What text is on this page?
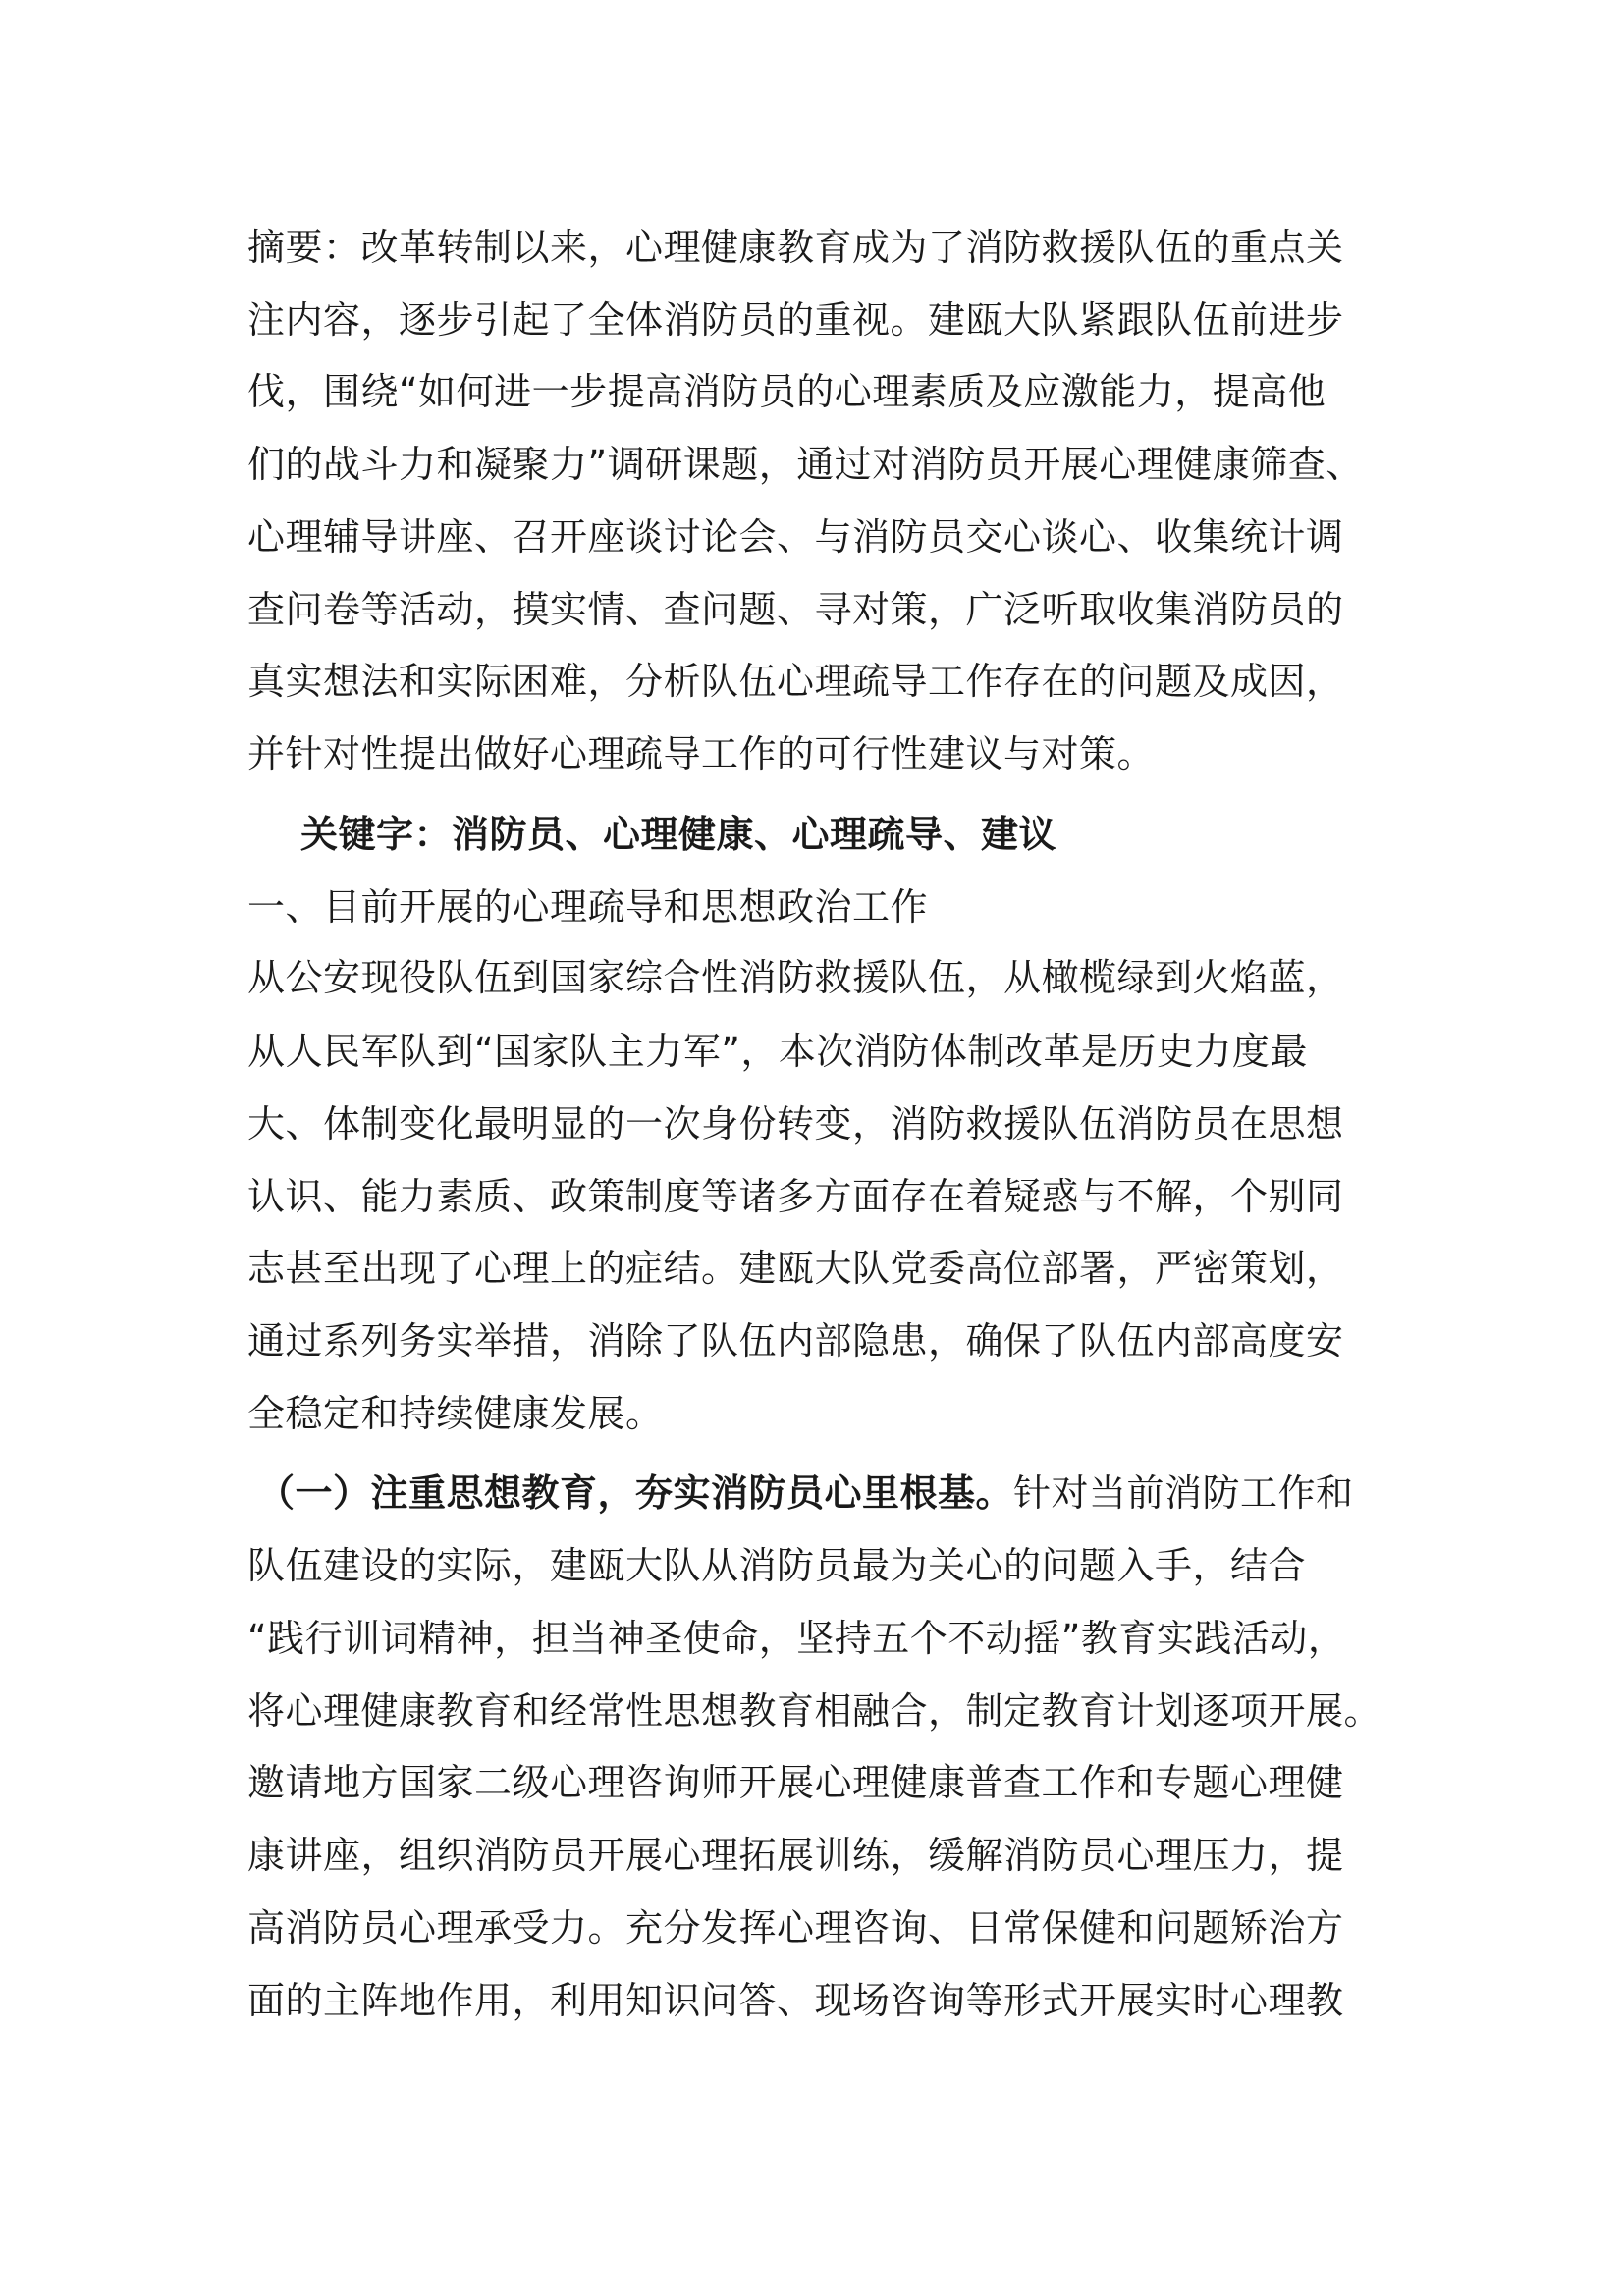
摘要：改革转制以来，心理健康教育成为了消防救援队伍的重点关
注内容，逐步引起了全体消防员的重视。建瓯大队紧跟队伍前进步
伐，围绕“如何进一步提高消防员的心理素质及应激能力，提高他
们的战斗力和凝聚力”调研课题，通过对消防员开展心理健康筛查、
心理辅导讲座、召开座谈讨论会、与消防员交心谈心、收集统计调
查问卷等活动，摸实情、查问题、寻对策，广泛听取收集消防员的
真实想法和实际困难，分析队伍心理疏导工作存在的问题及成因，
并针对性提出做好心理疏导工作的可行性建议与对策。
关键字：消防员、心理健康、心理疏导、建议
一、目前开展的心理疏导和思想政治工作
从公安现役队伍到国家综合性消防救援队伍，从橄榄绿到火焰蓝，
从人民军队到“国家队主力军”，本次消防体制改革是历史力度最
大、体制变化最明显的一次身份转变，消防救援队伍消防员在思想
认识、能力素质、政策制度等诸多方面存在着疑惑与不解，个别同
志甚至出现了心理上的症结。建瓯大队党委高位部署，严密策划，
通过系列务实举措，消除了队伍内部隐患，确保了队伍内部高度安
全稳定和持续健康发展。
（一）注重思想教育，夯实消防员心里根基。针对当前消防工作和
队伍建设的实际，建瓯大队从消防员最为关心的问题入手，结合
“践行训词精神，担当神圣使命，坚持五个不动摇”教育实践活动，
将心理健康教育和经常性思想教育相融合，制定教育计划逐项开展。
邀请地方国家二级心理咨询师开展心理健康普查工作和专题心理健
康讲座，组织消防员开展心理拓展训练，缓解消防员心理压力，提
高消防员心理承受力。充分发挥心理咨询、日常保健和问题矫治方
面的主阵地作用，利用知识问答、现场咨询等形式开展实时心理教
